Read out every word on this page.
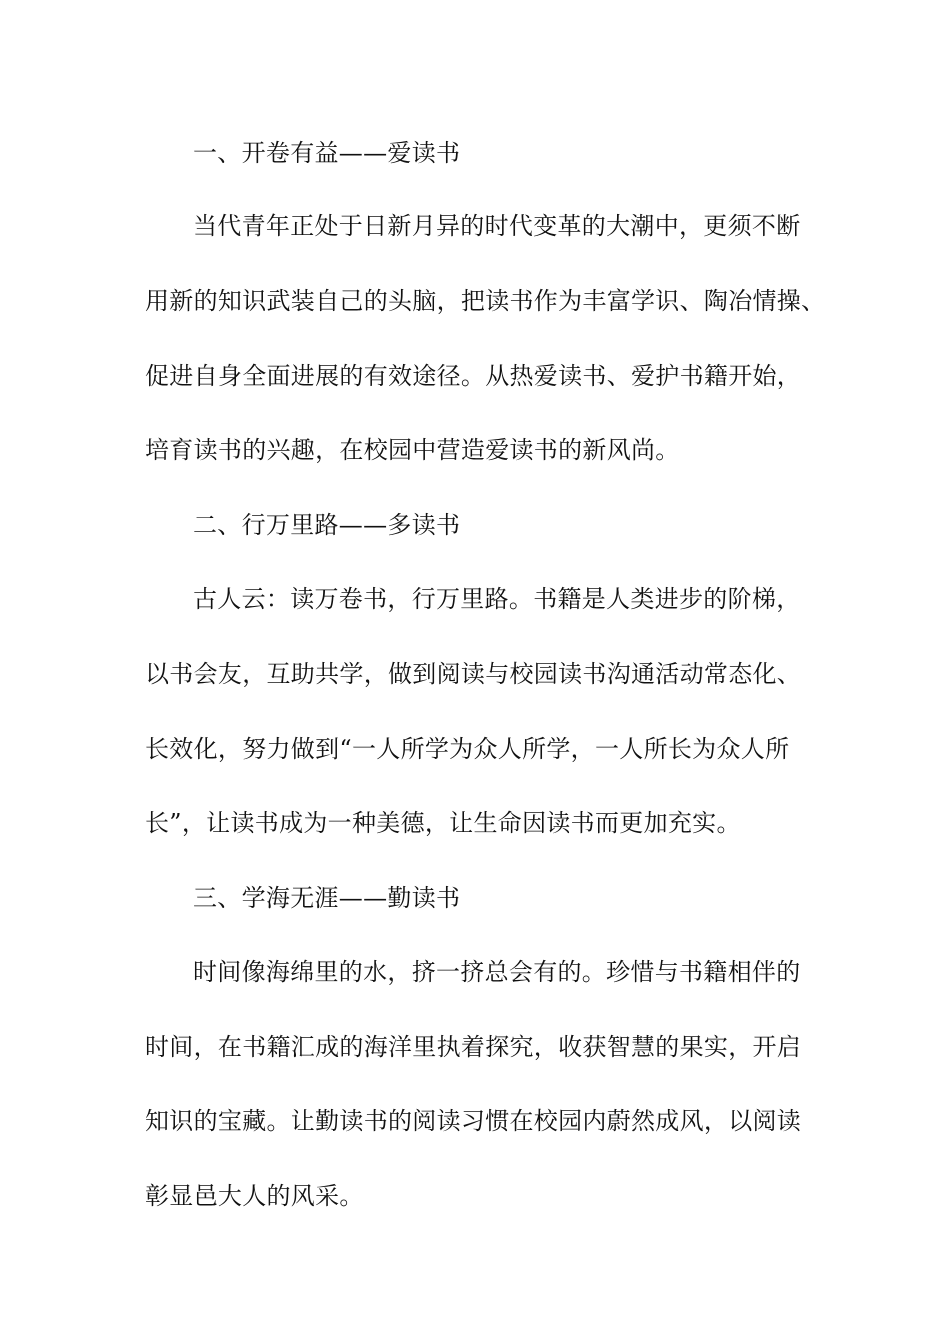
一、开卷有益——爱读书
当代青年正处于日新月异的时代变革的大潮中，更须不断
用新的知识武装自己的头脑，把读书作为丰富学识、陶冶情操、
促进自身全面进展的有效途径。从热爱读书、爱护书籍开始，
培育读书的兴趣，在校园中营造爱读书的新风尚。
二、行万里路——多读书
古人云：读万卷书，行万里路。书籍是人类进步的阶梯，
以书会友，互助共学，做到阅读与校园读书沟通活动常态化、
长效化，努力做到“一人所学为众人所学，一人所长为众人所
长”，让读书成为一种美德，让生命因读书而更加充实。
三、学海无涯——勤读书
时间像海绵里的水，挤一挤总会有的。珍惜与书籍相伴的
时间，在书籍汇成的海洋里执着探究，收获智慧的果实，开启
知识的宝藏。让勤读书的阅读习惯在校园内蔚然成风，以阅读
彰显邑大人的风采。
